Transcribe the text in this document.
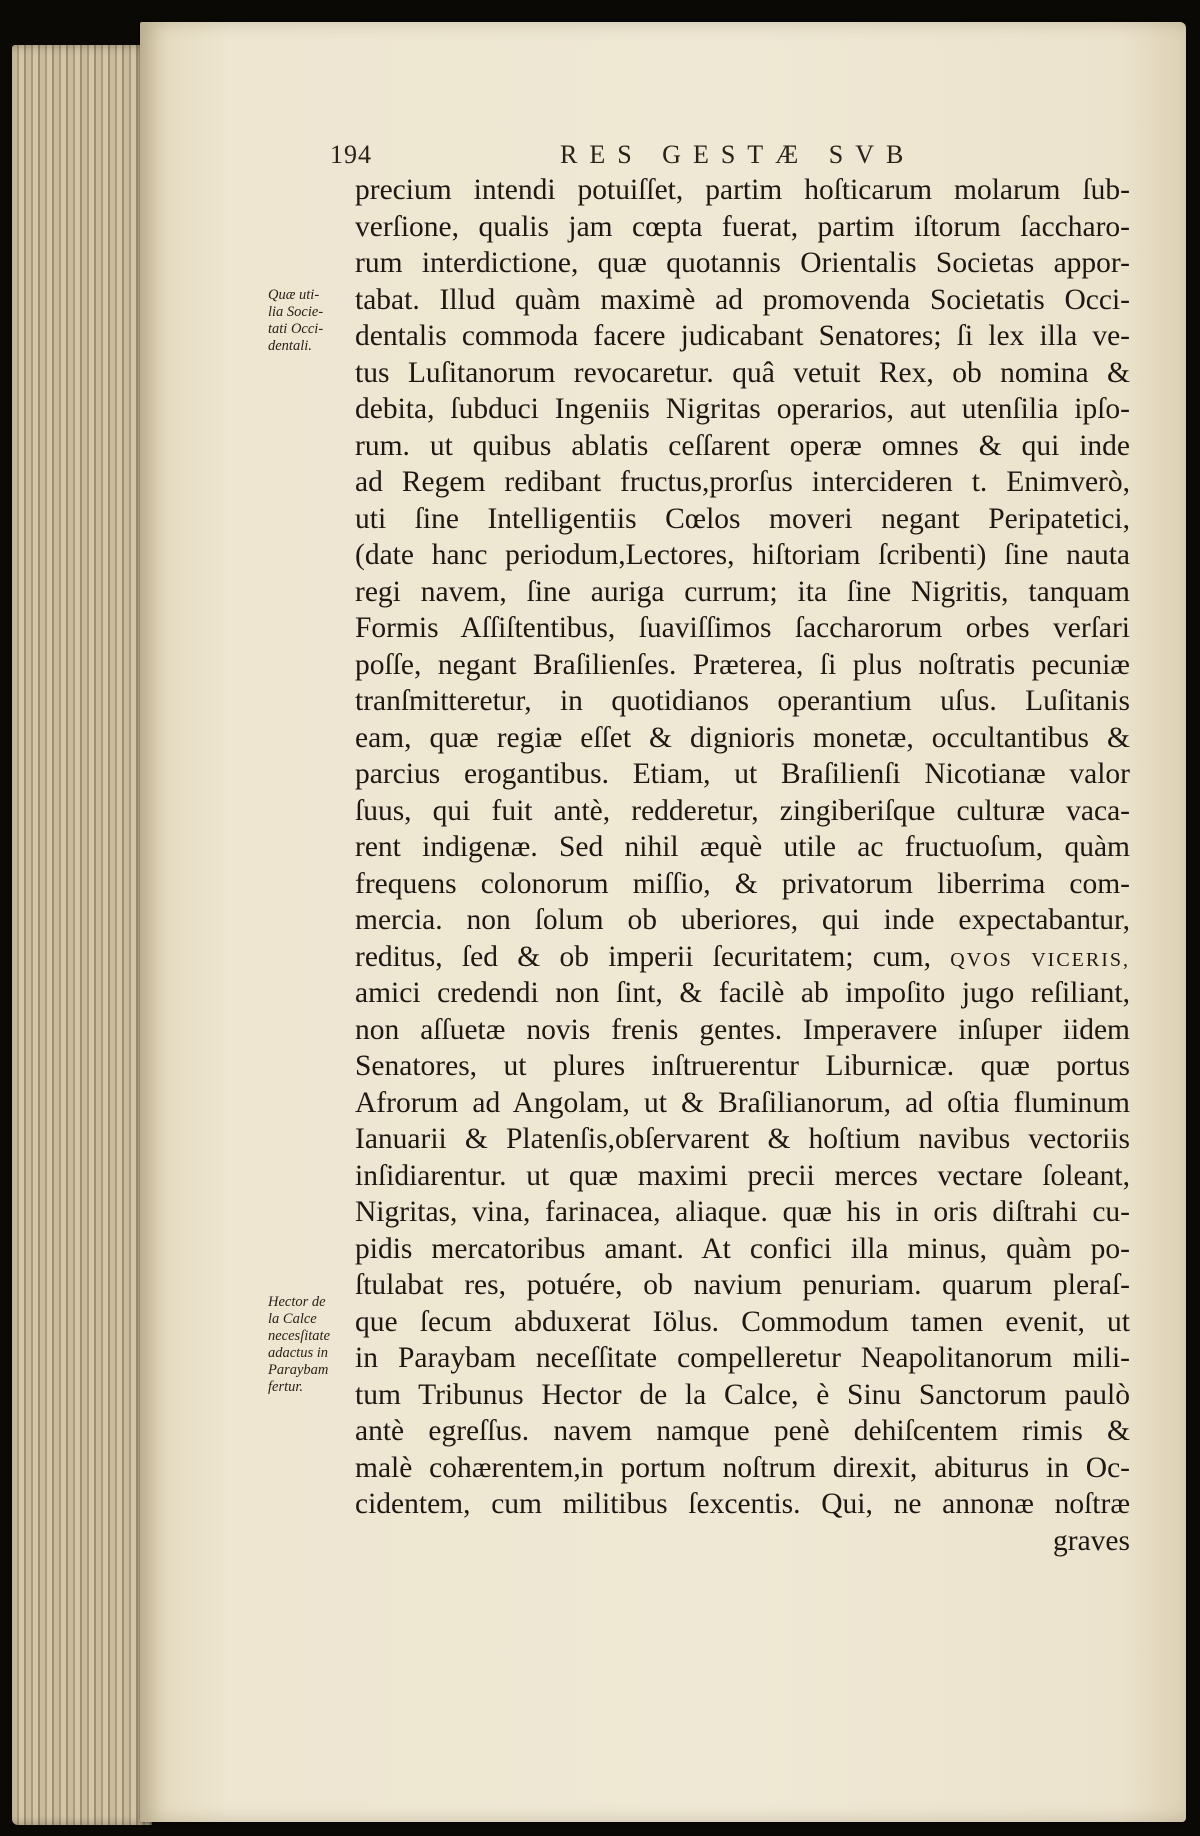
194	RES GESTÆ SVB
Quæ uti-
lia Socie-
tati Occi-
dentali.
Hector de
la Calce
necesſitate
adactus in
Paraybam
fertur.
precium intendi potuiſſet, partim hoſticarum molarum ſub-
verſione, qualis jam cœpta fuerat, partim iſtorum ſaccharo-
rum interdictione, quæ quotannis Orientalis Societas appor-
tabat. Illud quàm maximè ad promovenda Societatis Occi-
dentalis commoda facere judicabant Senatores; ſi lex illa ve-
tus Luſitanorum revocaretur. quâ vetuit Rex, ob nomina &
debita, ſubduci Ingeniis Nigritas operarios, aut utenſilia ipſo-
rum. ut quibus ablatis ceſſarent operæ omnes & qui inde
ad Regem redibant fructus,prorſus intercideren t. Enimverò,
uti ſine Intelligentiis Cœlos moveri negant Peripatetici,
(date hanc periodum,Lectores, hiſtoriam ſcribenti) ſine nauta
regi navem, ſine auriga currum; ita ſine Nigritis, tanquam
Formis Aſſiſtentibus, ſuaviſſimos ſaccharorum orbes verſari
poſſe, negant Braſilienſes. Præterea, ſi plus noſtratis pecuniæ
tranſmitteretur, in quotidianos operantium uſus. Luſitanis
eam, quæ regiæ eſſet & dignioris monetæ, occultantibus &
parcius erogantibus. Etiam, ut Braſilienſi Nicotianæ valor
ſuus, qui fuit antè, redderetur, zingiberiſque culturæ vaca-
rent indigenæ. Sed nihil æquè utile ac fructuoſum, quàm
frequens colonorum miſſio, & privatorum liberrima com-
mercia. non ſolum ob uberiores, qui inde expectabantur,
reditus, ſed & ob imperii ſecuritatem; cum, QVOS VICERIS,
amici credendi non ſint, & facilè ab impoſito jugo reſiliant,
non aſſuetæ novis frenis gentes. Imperavere inſuper iidem
Senatores, ut plures inſtruerentur Liburnicæ. quæ portus
Afrorum ad Angolam, ut & Braſilianorum, ad oſtia fluminum
Ianuarii & Platenſis,obſervarent & hoſtium navibus vectoriis
inſidiarentur. ut quæ maximi precii merces vectare ſoleant,
Nigritas, vina, farinacea, aliaque. quæ his in oris diſtrahi cu-
pidis mercatoribus amant. At confici illa minus, quàm po-
ſtulabat res, potuére, ob navium penuriam. quarum pleraſ-
que ſecum abduxerat Iölus. Commodum tamen evenit, ut
in Paraybam neceſſitate compelleretur Neapolitanorum mili-
tum Tribunus Hector de la Calce, è Sinu Sanctorum paulò
antè egreſſus. navem namque penè dehiſcentem rimis &
malè cohærentem,in portum noſtrum direxit, abiturus in Oc-
cidentem, cum militibus ſexcentis. Qui, ne annonæ noſtræ
graves
